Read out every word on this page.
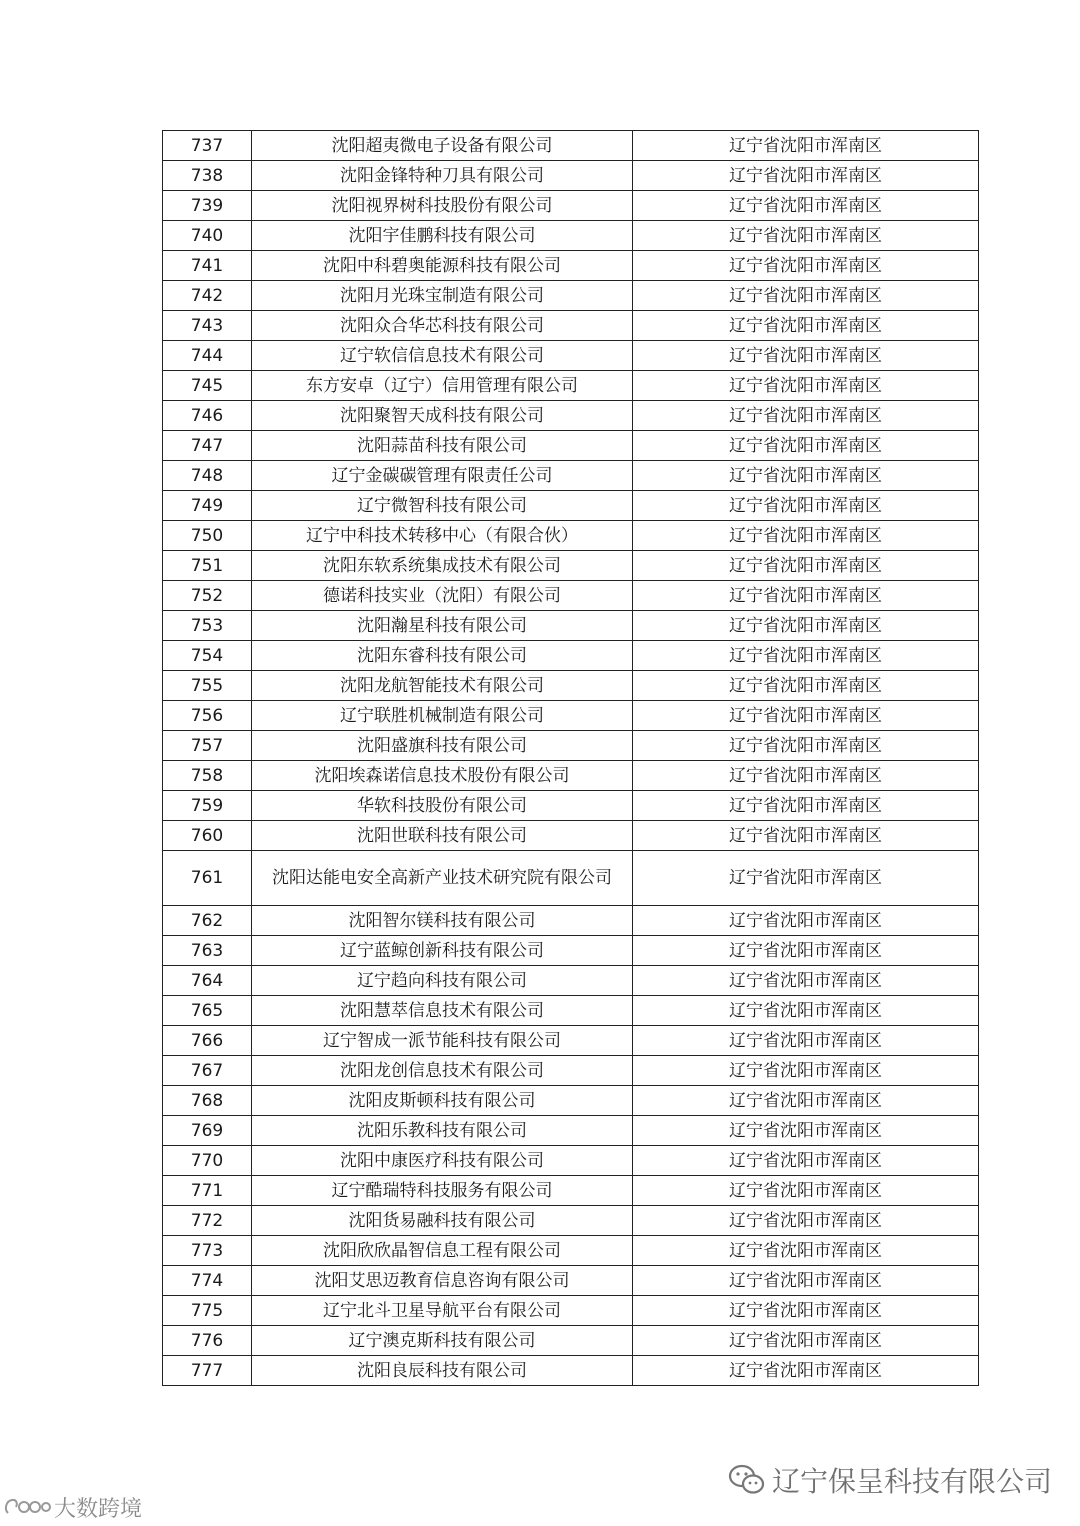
737	沈阳超夷微电子设备有限公司	辽宁省沈阳市浑南区
738	沈阳金锋特种刀具有限公司	辽宁省沈阳市浑南区
739	沈阳视界树科技股份有限公司	辽宁省沈阳市浑南区
740	沈阳宇佳鹏科技有限公司	辽宁省沈阳市浑南区
741	沈阳中科碧奥能源科技有限公司	辽宁省沈阳市浑南区
742	沈阳月光珠宝制造有限公司	辽宁省沈阳市浑南区
743	沈阳众合华芯科技有限公司	辽宁省沈阳市浑南区
744	辽宁软信信息技术有限公司	辽宁省沈阳市浑南区
745	东方安卓（辽宁）信用管理有限公司	辽宁省沈阳市浑南区
746	沈阳聚智天成科技有限公司	辽宁省沈阳市浑南区
747	沈阳蒜苗科技有限公司	辽宁省沈阳市浑南区
748	辽宁金碳碳管理有限责任公司	辽宁省沈阳市浑南区
749	辽宁微智科技有限公司	辽宁省沈阳市浑南区
750	辽宁中科技术转移中心（有限合伙）	辽宁省沈阳市浑南区
751	沈阳东软系统集成技术有限公司	辽宁省沈阳市浑南区
752	德诺科技实业（沈阳）有限公司	辽宁省沈阳市浑南区
753	沈阳瀚星科技有限公司	辽宁省沈阳市浑南区
754	沈阳东睿科技有限公司	辽宁省沈阳市浑南区
755	沈阳龙航智能技术有限公司	辽宁省沈阳市浑南区
756	辽宁联胜机械制造有限公司	辽宁省沈阳市浑南区
757	沈阳盛旗科技有限公司	辽宁省沈阳市浑南区
758	沈阳埃森诺信息技术股份有限公司	辽宁省沈阳市浑南区
759	华软科技股份有限公司	辽宁省沈阳市浑南区
760	沈阳世联科技有限公司	辽宁省沈阳市浑南区
761	沈阳达能电安全高新产业技术研究院有限公司	辽宁省沈阳市浑南区
762	沈阳智尔镁科技有限公司	辽宁省沈阳市浑南区
763	辽宁蓝鲸创新科技有限公司	辽宁省沈阳市浑南区
764	辽宁趋向科技有限公司	辽宁省沈阳市浑南区
765	沈阳慧萃信息技术有限公司	辽宁省沈阳市浑南区
766	辽宁智成一派节能科技有限公司	辽宁省沈阳市浑南区
767	沈阳龙创信息技术有限公司	辽宁省沈阳市浑南区
768	沈阳皮斯顿科技有限公司	辽宁省沈阳市浑南区
769	沈阳乐教科技有限公司	辽宁省沈阳市浑南区
770	沈阳中康医疗科技有限公司	辽宁省沈阳市浑南区
771	辽宁酷瑞特科技服务有限公司	辽宁省沈阳市浑南区
772	沈阳货易融科技有限公司	辽宁省沈阳市浑南区
773	沈阳欣欣晶智信息工程有限公司	辽宁省沈阳市浑南区
774	沈阳艾思迈教育信息咨询有限公司	辽宁省沈阳市浑南区
775	辽宁北斗卫星导航平台有限公司	辽宁省沈阳市浑南区
776	辽宁澳克斯科技有限公司	辽宁省沈阳市浑南区
777	沈阳良辰科技有限公司	辽宁省沈阳市浑南区
辽宁保呈科技有限公司
大数跨境
